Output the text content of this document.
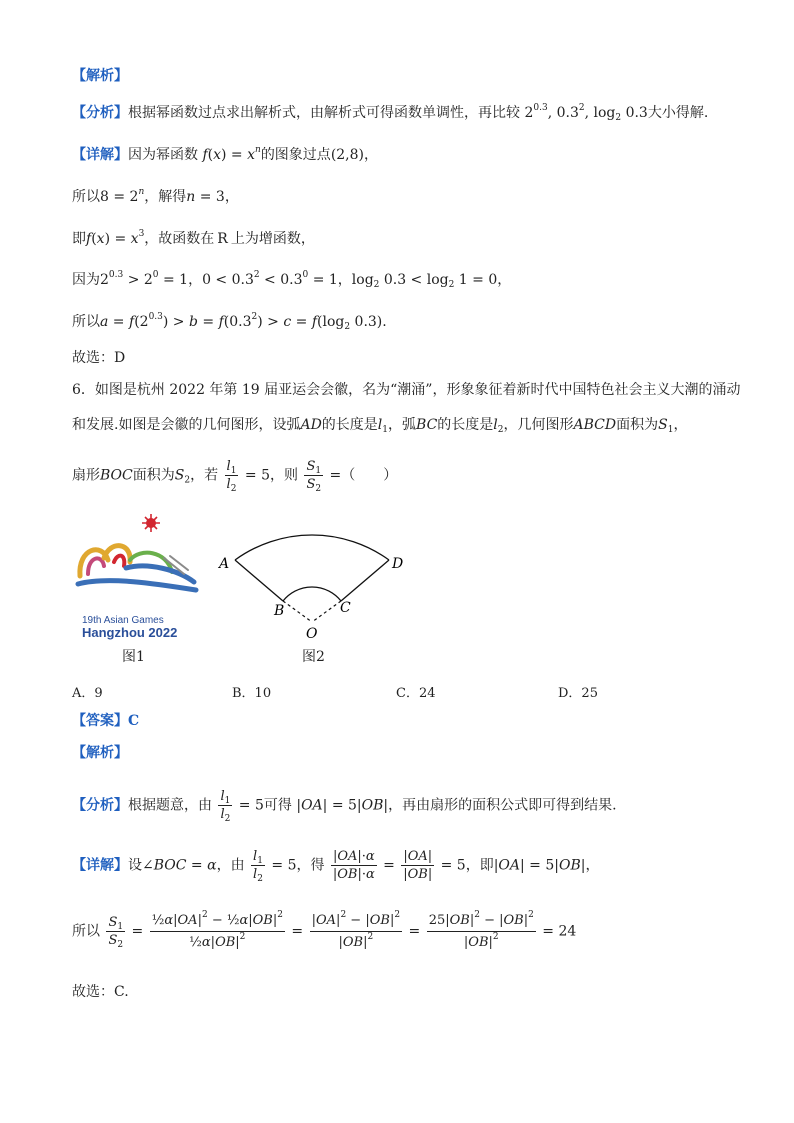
【解析】
【分析】根据幂函数过点求出解析式，由解析式可得函数单调性，再比较 $2^{0.3}$, $0.3^2$, $\log_2 0.3$大小得解.
【详解】因为幂函数 $f(x) = x^n$的图象过点(2,8)，
所以$8 = 2^n$，解得n = 3，
即$f(x) = x^3$，故函数在 R 上为增函数，
因为$2^{0.3} > 2^0 = 1$，$0 < 0.3^2 < 0.3^0 = 1$，$\log_2 0.3 < \log_2 1 = 0$，
所以$a = f(2^{0.3}) > b = f(0.3^2) > c = f(\log_2$ 0.3).
故选：D
6．如图是杭州 2022 年第 19 届亚运会会徽，名为“潮涌”，形象象征着新时代中国特色社会主义大潮的涌动
和发展.如图是会徽的几何图形，设弧AD的长度是$l_1$，弧BC的长度是$l_2$，几何图形ABCD面积为$S_1$，
扇形BOC面积为$S_2$，若 $\frac{l_1}{l_2} = 5$，则 $\frac{S_1}{S_2}$ =（　　）
19th Asian Games
Hangzhou 2022
图1
A	D
B	C
O
图2
A．9	B．10	C．24	D．25
【答案】C
【解析】
【分析】根据题意，由 $\frac{l_1}{l_2} = 5$可得 |OA| = 5|OB|，再由扇形的面积公式即可得到结果.
【详解】设∠BOC = α，由 $\frac{l_1}{l_2} = 5$，得 $\frac{|OA|\cdot\alpha}{|OB|\cdot\alpha} = \frac{|OA|}{|OB|} = 5$，即|OA| = 5|OB|，
所以 $\frac{S_1}{S_2} = \frac{\frac{1}{2}\alpha|OA|^2 - \frac{1}{2}\alpha|OB|^2}{\frac{1}{2}\alpha|OB|^2} = \frac{|OA|^2 - |OB|^2}{|OB|^2} = \frac{25|OB|^2 - |OB|^2}{|OB|^2} = 24$
故选：C.
